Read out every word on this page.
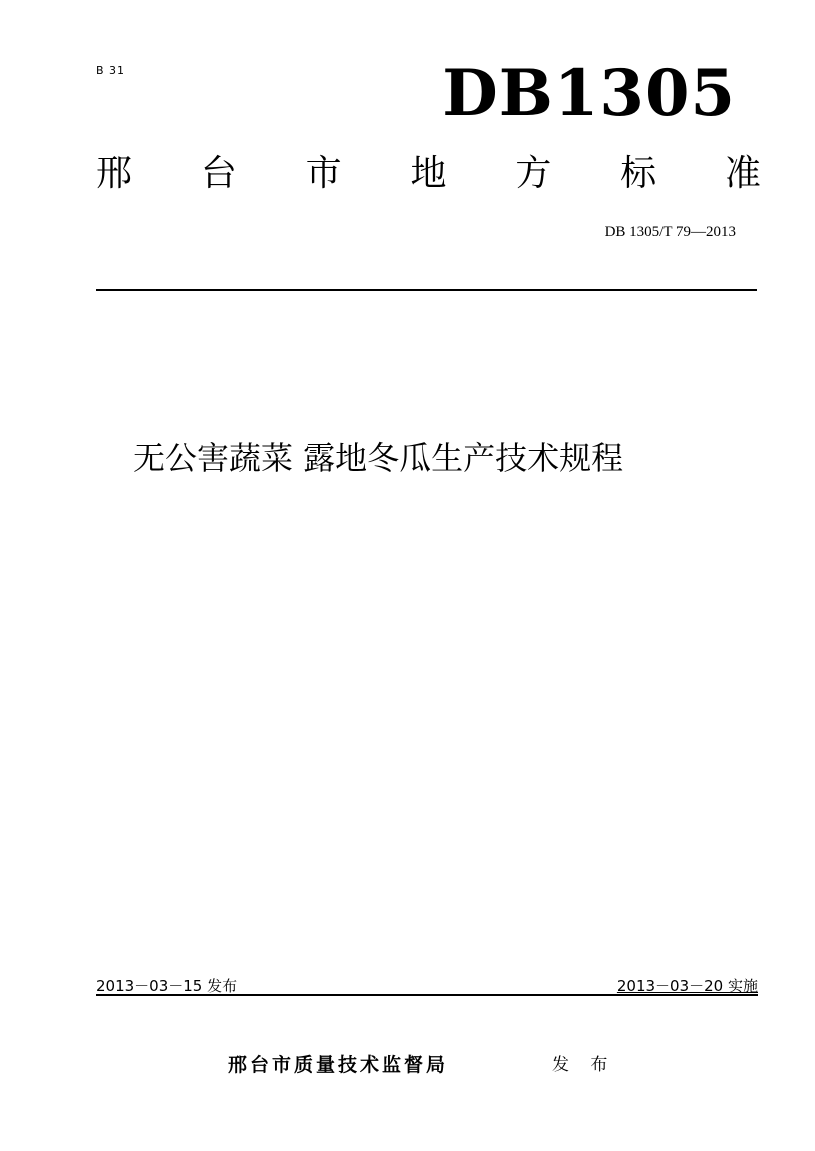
B 31	DB1305
邢 台 市 地 方 标 准
DB 1305/T 79—2013
无公害蔬菜 露地冬瓜生产技术规程
2013－03－15 发布	2013－03－20 实施
邢台市质量技术监督局	发 布
